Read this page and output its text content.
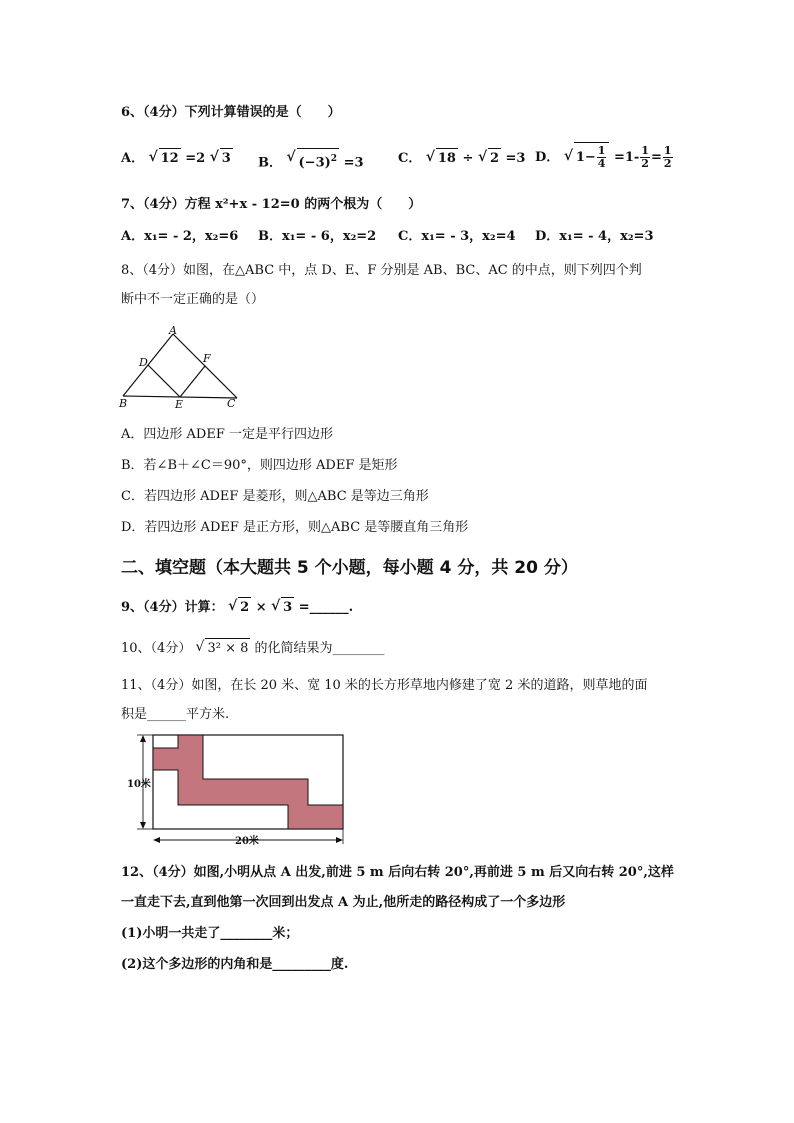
6、（4分）下列计算错误的是（　　）
A． √ 12 =2 √ 3 B． √ $(-3)^2 =3$	C． √ 18 ÷ √ 2 =3 D． √ $1- \frac{1}{4} =1- \frac{1}{2} = \frac{1}{2}$
7、（4分）方程 x²+x - 12=0 的两个根为（　　）
A．x₁= - 2，x₂=6 B．x₁= - 6，x₂=2 C．x₁= - 3，x₂=4 D．x₁= - 4，x₂=3
8、（4分）如图，在△ABC 中，点 D、E、F 分别是 AB、BC、AC 的中点，则下列四个判
断中不一定正确的是（）
A
B	C
D
E
F
A．四边形 ADEF 一定是平行四边形
B．若∠B＋∠C＝90°，则四边形 ADEF 是矩形
C．若四边形 ADEF 是菱形，则△ABC 是等边三角形
D．若四边形 ADEF 是正方形，则△ABC 是等腰直角三角形
二、填空题（本大题共 5 个小题，每小题 4 分，共 20 分）
9、（4分）计算： √ 2 × √ 3 =______.
10、（4分） √ 3² × 8 的化简结果为________
11、（4分）如图，在长 20 米、宽 10 米的长方形草地内修建了宽 2 米的道路，则草地的面
积是______平方米.
10米
20米
12、（4分）如图,小明从点 A 出发,前进 5 m 后向右转 20°,再前进 5 m 后又向右转 20°,这样
一直走下去,直到他第一次回到出发点 A 为止,他所走的路径构成了一个多边形
(1)小明一共走了________米；
(2)这个多边形的内角和是_________度.
